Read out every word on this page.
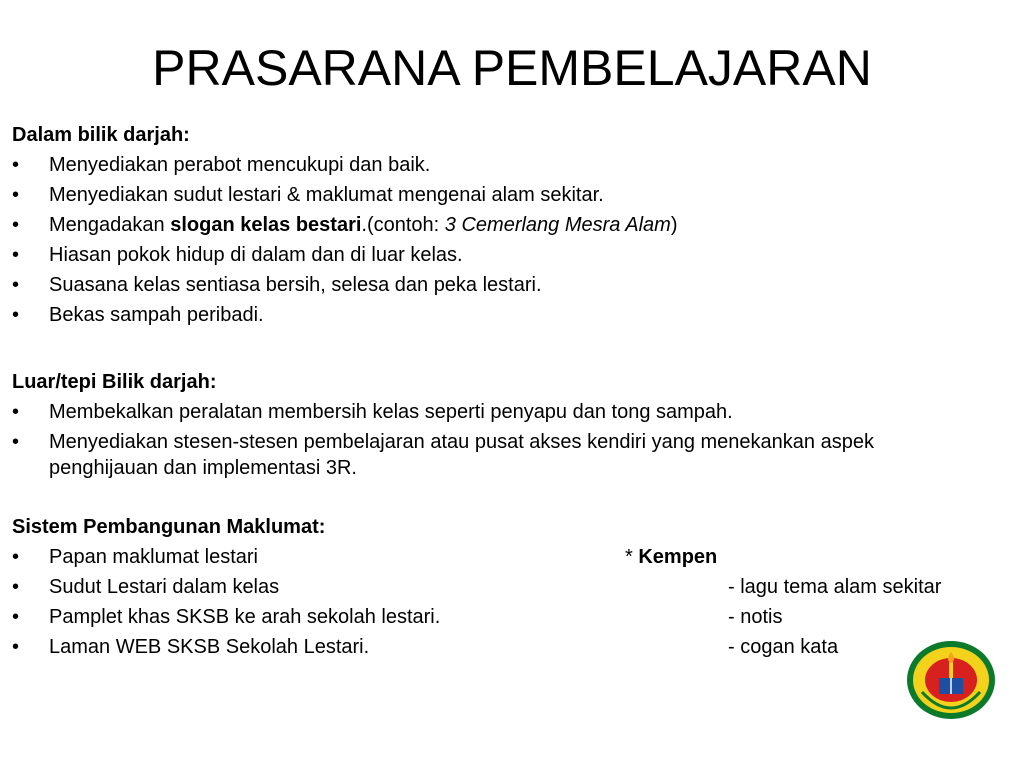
PRASARANA PEMBELAJARAN
Dalam bilik darjah:
• Menyediakan perabot mencukupi dan baik.
• Menyediakan sudut lestari & maklumat mengenai alam sekitar.
• Mengadakan slogan kelas bestari.(contoh: 3 Cemerlang Mesra Alam)
• Hiasan pokok hidup di dalam dan di luar kelas.
• Suasana kelas sentiasa bersih, selesa dan peka lestari.
• Bekas sampah peribadi.
Luar/tepi Bilik darjah:
• Membekalkan peralatan membersih kelas seperti penyapu dan tong sampah.
• Menyediakan stesen-stesen pembelajaran atau pusat akses kendiri yang menekankan aspek penghijauan dan implementasi 3R.
Sistem Pembangunan Maklumat:
• Papan maklumat lestari	* Kempen
• Sudut Lestari dalam kelas	- lagu tema alam sekitar
• Pamplet khas SKSB ke arah sekolah lestari.	- notis
• Laman WEB SKSB Sekolah Lestari.	- cogan kata
